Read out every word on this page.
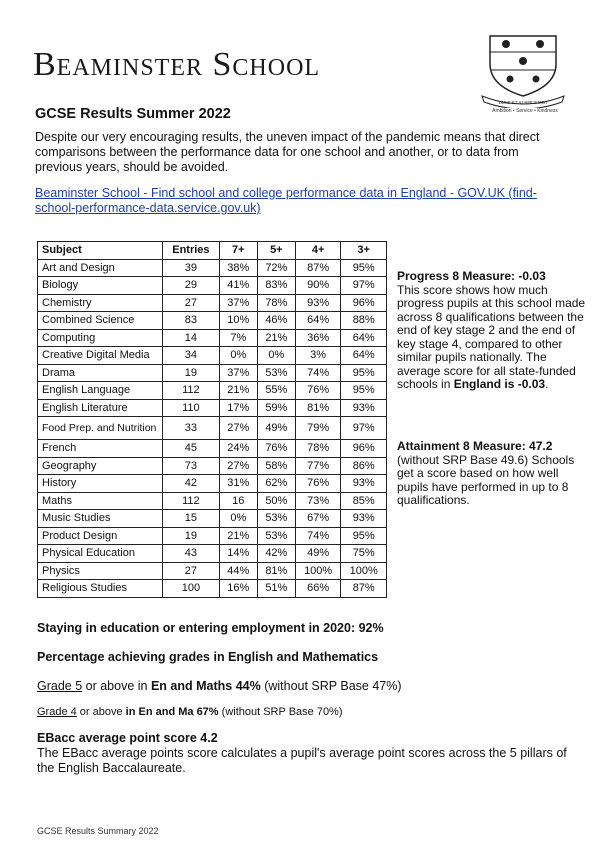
Beaminster School
DUCE ET AUSPICE DEO
Ambition • Service • Kindness
GCSE Results Summer 2022
Despite our very encouraging results, the uneven impact of the pandemic means that direct comparisons between the performance data for one school and another, or to data from previous years, should be avoided.
Beaminster School - Find school and college performance data in England - GOV.UK (find-school-performance-data.service.gov.uk)
Subject	Entries	7+	5+	4+	3+
Art and Design	39	38%	72%	87%	95%
Biology	29	41%	83%	90%	97%
Chemistry	27	37%	78%	93%	96%
Combined Science	83	10%	46%	64%	88%
Computing	14	7%	21%	36%	64%
Creative Digital Media	34	0%	0%	3%	64%
Drama	19	37%	53%	74%	95%
English Language	112	21%	55%	76%	95%
English Literature	110	17%	59%	81%	93%
Food Prep. and Nutrition	33	27%	49%	79%	97%
French	45	24%	76%	78%	96%
Geography	73	27%	58%	77%	86%
History	42	31%	62%	76%	93%
Maths	112	16	50%	73%	85%
Music Studies	15	0%	53%	67%	93%
Product Design	19	21%	53%	74%	95%
Physical Education	43	14%	42%	49%	75%
Physics	27	44%	81%	100%	100%
Religious Studies	100	16%	51%	66%	87%
Progress 8 Measure: -0.03
This score shows how much progress pupils at this school made across 8 qualifications between the end of key stage 2 and the end of key stage 4, compared to other similar pupils nationally. The average score for all state-funded schools in England is -0.03.
Attainment 8 Measure: 47.2
(without SRP Base 49.6) Schools get a score based on how well pupils have performed in up to 8 qualifications.
Staying in education or entering employment in 2020: 92%
Percentage achieving grades in English and Mathematics
Grade 5 or above in En and Maths 44% (without SRP Base 47%)
Grade 4 or above in En and Ma 67% (without SRP Base 70%)
EBacc average point score 4.2
The EBacc average points score calculates a pupil's average point scores across the 5 pillars of the English Baccalaureate.
GCSE Results Summary 2022
